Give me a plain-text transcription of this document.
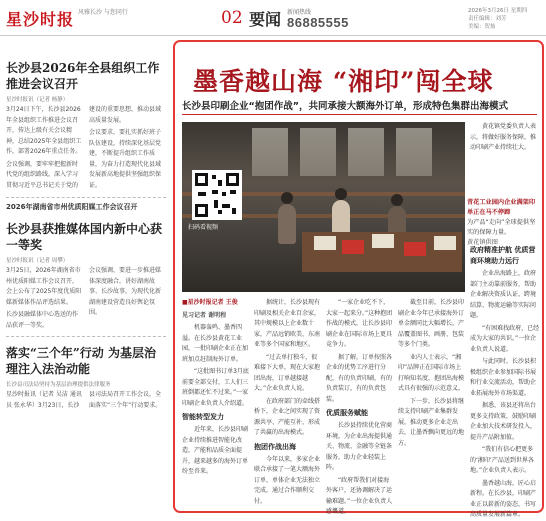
星沙时报 风雅长沙 与您同行	02 要闻 新闻热线
86885555
2026年3月26日 星期四
责任编辑：刘芳
美编：贺灿
长沙县2026年全县组织工作推进会议召开
星沙时报讯（记者 杨静）

3月24日下午，长沙县2026年全县组织工作推进会议召开，传达上级有关会议精神，总结2025年全县组织工作，部署2026年重点任务。

会议强调，要牢牢把握新时代党的组织路线，深入学习贯彻习近平总书记关于党的建设的重要思想，推动县域高质量发展。

会议要求，要扎实抓好班子队伍建设，持续深化基层党建，不断提升组织工作质量，为奋力打造现代化县域发展新高地提供坚强组织保证。

2026年湖南省市州优质阳媒工作会议召开
长沙县获推媒体国内新中心获一等奖
星沙时报讯（记者 周攀）

3月25日，2026年湖南省市州优质阳媒工作会议召开，会上公布了2025年度优质阳媒新媒体作品评选结果。

长沙县融媒体中心选送的作品获评一等奖。

会议强调，要进一步推进媒体深度融合，讲好湖南故事、长沙故事，为现代化新湖南建设营造良好舆论氛围。

落实“三个年”行动 为基层治理注入法治动能
长沙县司法局坚持为基层治理提供法律服务

星沙时报讯（记者 吴洁 通讯员 张永华）3月23日，长沙县司法局召开工作会议，全面落实“三个年”行动要求。

墨香越山海 “湘印”闯全球
长沙县印刷企业“抱团作战”，共同承接大额海外订单，形成特色集群出海模式
扫码看视频

黄花镇党委负责人表示，将做好服务保障，推动印刷产业持续壮大。

青花工业园内企业满架印单正在马不停蹄
为产品“走向”全球提供坚实的保障力量。
黄花镇供图

■星沙时报记者 王俊

见习记者 谢明程

机器轰鸣、墨香四溢。在长沙县黄花工业园，一批印刷企业正在加班加点赶制海外订单。

“这批图书订单3月底前要全部交付，工人们三班倒都还忙不过来。”一家印刷企业负责人介绍道。

智能转型发力

近年来，长沙县印刷企业持续推进智能化改造，产能和品质全面提升，越来越多的海外订单纷至沓来。

据统计，长沙县现有印刷及相关企业百余家，其中规模以上企业数十家，产品远销欧美、东南亚等多个国家和地区。

“过去单打独斗，很难接下大单，现在大家抱团出海，订单越接越大。”企业负责人说。

在政府部门的牵线搭桥下，企业之间实现了资源共享、产能互补，形成了共赢的出海模式。

抱团作战出海

今年以来，多家企业联合承接了一笔大额海外订单，单体企业无法独立完成，通过合作顺利交付。

“一家企业吃不下，大家一起来分。”这种抱团作战的模式，让长沙县印刷企业在国际市场上更具竞争力。

据了解，订单按照各企业的优势工序进行分配，有的负责印刷，有的负责装订，有的负责包装。

优质服务赋能

长沙县持续优化营商环境，为企业出海提供通关、物流、金融等全链条服务，助力企业轻装上阵。

“政府帮我们对接海外客户，还协调解决了运输难题。”一位企业负责人感慨道。

截至目前，长沙县印刷企业今年已承接海外订单金额同比大幅增长，产品覆盖图书、画册、包装等多个门类。

业内人士表示，“湘印”品牌正在国际市场上打响知名度，抱团出海模式具有很强的示范意义。

下一步，长沙县将继续支持印刷产业集群发展，推动更多企业走出去，让墨香飘向更远的地方。

政府精准护航 优质营商环境助力远行

企业出海路上，政府部门主动靠前服务，帮助企业解决资质认证、跨境结算、物流运输等实际问题。

“有困难找政府，已经成为大家的共识。”一位企业负责人说道。

与此同时，长沙县积极组织企业参加国际书展和行业交流活动，帮助企业拓展海外市场渠道。

据悉，该县还将出台更多支持政策，鼓励印刷企业加大技术研发投入，提升产品附加值。

“我们有信心把更多的‘湘印’产品送到世界各地。”企业负责人表示。

墨香越山海，匠心启新程。在长沙县，印刷产业正以崭新的姿态，书写高质量发展新篇章。
